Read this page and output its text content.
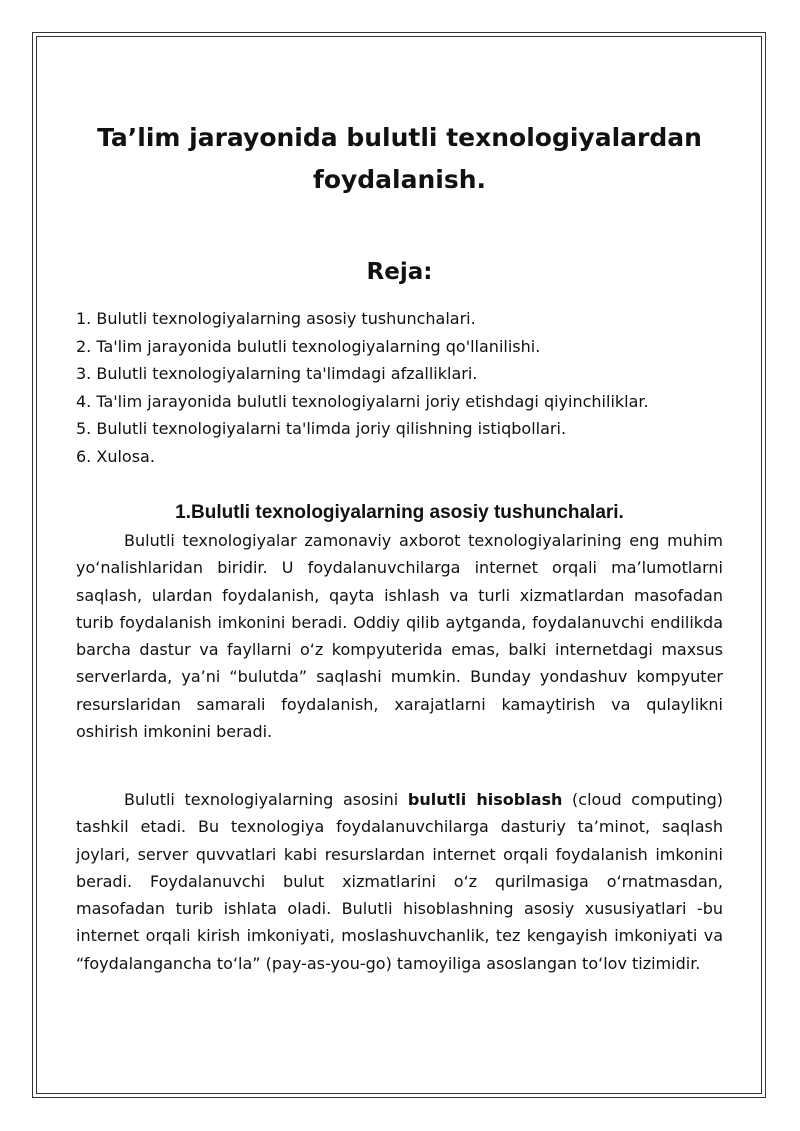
Ta’lim jarayonida bulutli texnologiyalardan foydalanish.
Reja:
1. Bulutli texnologiyalarning asosiy tushunchalari.
2. Ta'lim jarayonida bulutli texnologiyalarning qo'llanilishi.
3. Bulutli texnologiyalarning ta'limdagi afzalliklari.
4. Ta'lim jarayonida bulutli texnologiyalarni joriy etishdagi qiyinchiliklar.
5. Bulutli texnologiyalarni ta'limda joriy qilishning istiqbollari.
6. Xulosa.
1.Bulutli texnologiyalarning asosiy tushunchalari.

Bulutli texnologiyalar zamonaviy axborot texnologiyalarining eng muhim yo‘nalishlaridan biridir. U foydalanuvchilarga internet orqali ma’lumotlarni saqlash, ulardan foydalanish, qayta ishlash va turli xizmatlardan masofadan turib foydalanish imkonini beradi. Oddiy qilib aytganda, foydalanuvchi endilikda barcha dastur va fayllarni o‘z kompyuterida emas, balki internetdagi maxsus serverlarda, ya’ni “bulutda” saqlashi mumkin. Bunday yondashuv kompyuter resurslaridan samarali foydalanish, xarajatlarni kamaytirish va qulaylikni oshirish imkonini beradi.

Bulutli texnologiyalarning asosini bulutli hisoblash (cloud computing) tashkil etadi. Bu texnologiya foydalanuvchilarga dasturiy ta’minot, saqlash joylari, server quvvatlari kabi resurslardan internet orqali foydalanish imkonini beradi. Foydalanuvchi bulut xizmatlarini o‘z qurilmasiga o‘rnatmasdan, masofadan turib ishlata oladi. Bulutli hisoblashning asosiy xususiyatlari -bu internet orqali kirish imkoniyati, moslashuvchanlik, tez kengayish imkoniyati va “foydalangancha to‘la” (pay-as-you-go) tamoyiliga asoslangan to‘lov tizimidir.
